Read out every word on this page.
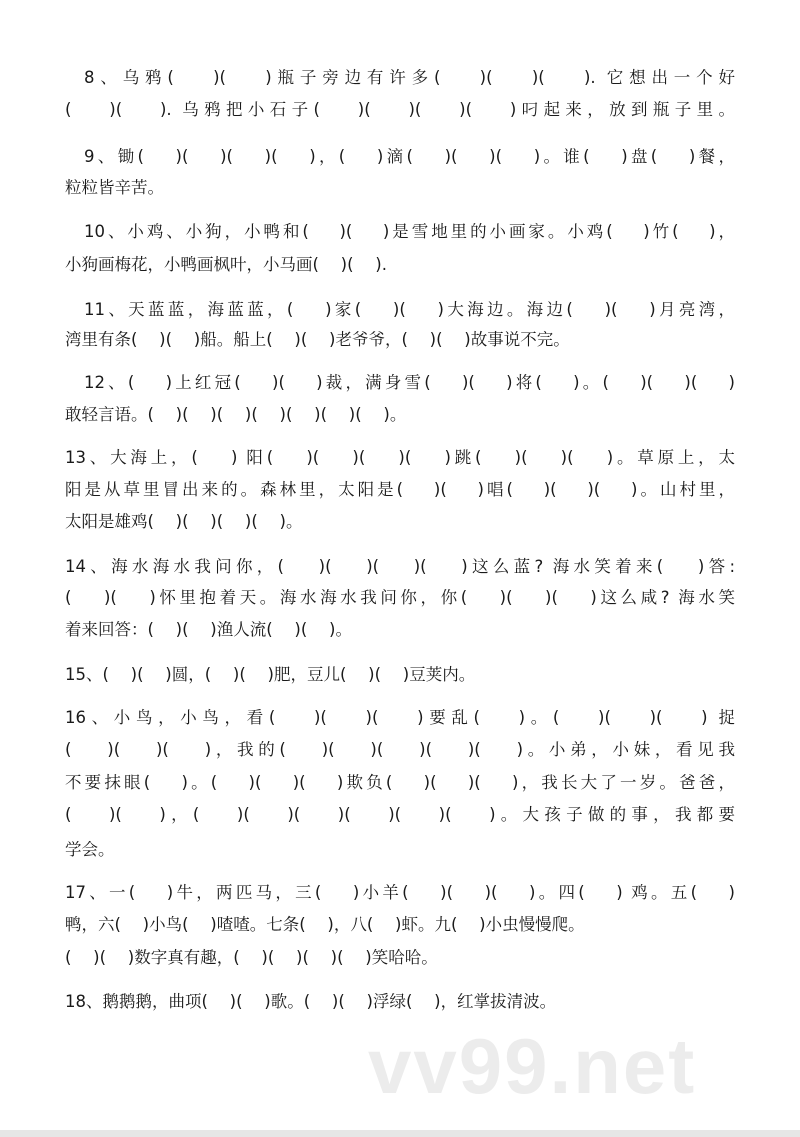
8、乌鸦(　 )(　 )瓶子旁边有许多(　 )(　 )(　 ). 它想出一个好
(　 )(　 ). 乌鸦把小石子(　 )(　 )(　 )(　 )叼起来，放到瓶子里。
9、锄(　 )(　 )(　 )(　 )，(　 )滴(　 )(　 )(　 )。谁(　 )盘(　 )餐，
粒粒皆辛苦。
10、小鸡、小狗，小鸭和(　 )(　 )是雪地里的小画家。小鸡(　 )竹(　 )，
小狗画梅花，小鸭画枫叶，小马画(　 )(　 ).
11、天蓝蓝，海蓝蓝，(　 )家(　 )(　 )大海边。海边(　 )(　 )月亮湾，
湾里有条(　 )(　 )船。船上(　 )(　 )老爷爷，(　 )(　 )故事说不完。
12、(　 )上红冠(　 )(　 )裁，满身雪(　 )(　 )将(　 )。(　 )(　 )(　 )
敢轻言语。(　 )(　 )(　 )(　 )(　 )(　 )(　 )。
13、大海上，(　 ) 阳(　 )(　 )(　 )(　 )跳(　 )(　 )(　 )。草原上，太
阳是从草里冒出来的。森林里，太阳是(　 )(　 )唱(　 )(　 )(　 )。山村里，
太阳是雄鸡(　 )(　 )(　 )(　 )。
14、海水海水我问你，(　 )(　 )(　 )(　 )这么蓝? 海水笑着来(　 )答:
(　 )(　 )怀里抱着天。海水海水我问你，你(　 )(　 )(　 )这么咸? 海水笑
着来回答：(　 )(　 )渔人流(　 )(　 )。
15、(　 )(　 )圆，(　 )(　 )肥，豆儿(　 )(　 )豆荚内。
16、小鸟，小鸟，看(　 )(　 )(　 )要乱(　 )。(　 )(　 )(　 ) 捉
(　 )(　 )(　 )，我的(　 )(　 )(　 )(　 )(　 )。小弟，小妹，看见我
不要抹眼(　 )。(　 )(　 )(　 )欺负(　 )(　 )(　 )，我长大了一岁。爸爸，
(　 )(　 )，(　 )(　 )(　 )(　 )(　 )(　 )。大孩子做的事，我都要
学会。
17、一(　 )牛，两匹马，三(　 )小羊(　 )(　 )(　 )。四(　 ) 鸡。五(　 )
鸭，六(　 )小鸟(　 )喳喳。七条(　 )，八(　 )虾。九(　 )小虫慢慢爬。
(　 )(　 )数字真有趣，(　 )(　 )(　 )(　 )笑哈哈。
18、鹅鹅鹅，曲项(　 )(　 )歌。(　 )(　 )浮绿(　 )，红掌拔清波。
vv99.net
